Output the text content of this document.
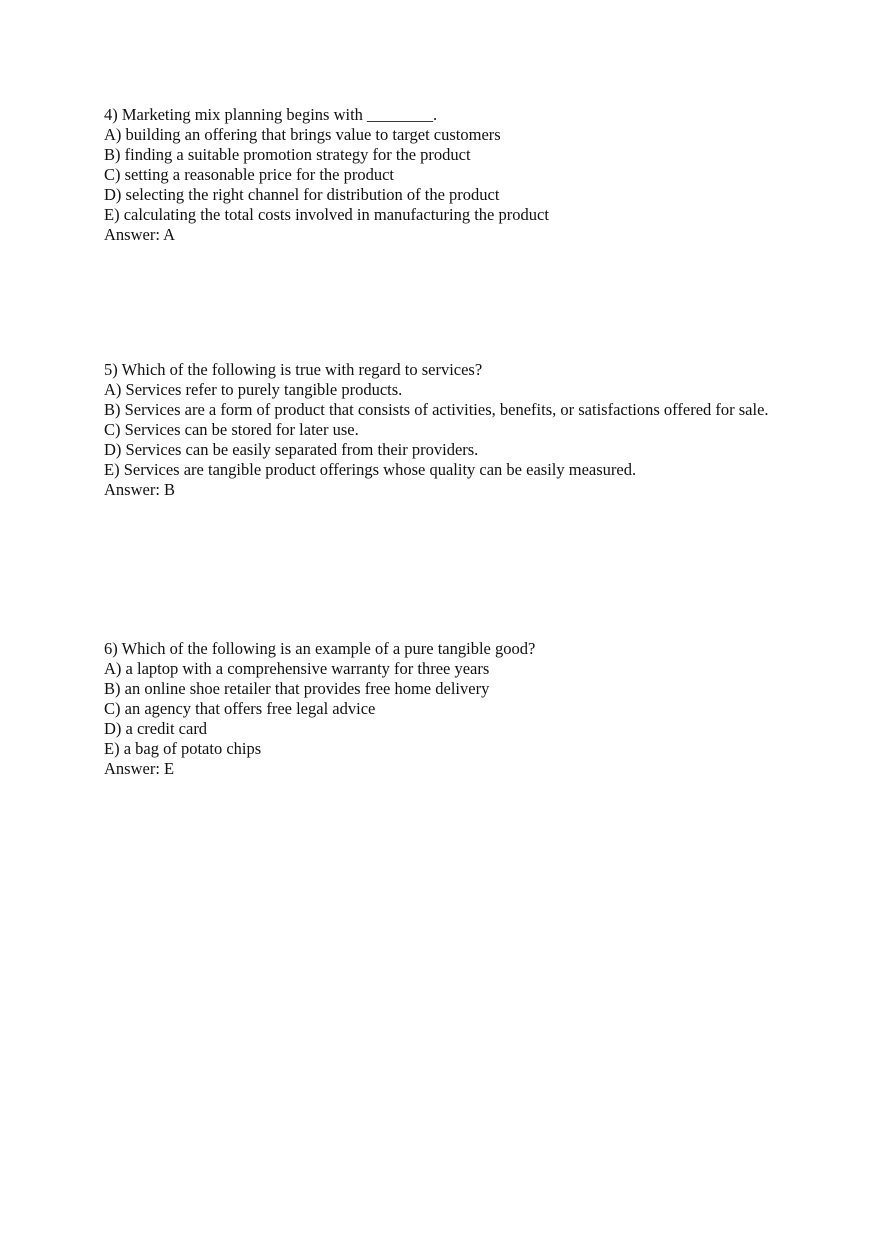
4) Marketing mix planning begins with ________.
A) building an offering that brings value to target customers
B) finding a suitable promotion strategy for the product
C) setting a reasonable price for the product
D) selecting the right channel for distribution of the product
E) calculating the total costs involved in manufacturing the product
Answer: A
5) Which of the following is true with regard to services?
A) Services refer to purely tangible products.
B) Services are a form of product that consists of activities, benefits, or satisfactions offered for sale.
C) Services can be stored for later use.
D) Services can be easily separated from their providers.
E) Services are tangible product offerings whose quality can be easily measured.
Answer: B
6) Which of the following is an example of a pure tangible good?
A) a laptop with a comprehensive warranty for three years
B) an online shoe retailer that provides free home delivery
C) an agency that offers free legal advice
D) a credit card
E) a bag of potato chips
Answer: E
